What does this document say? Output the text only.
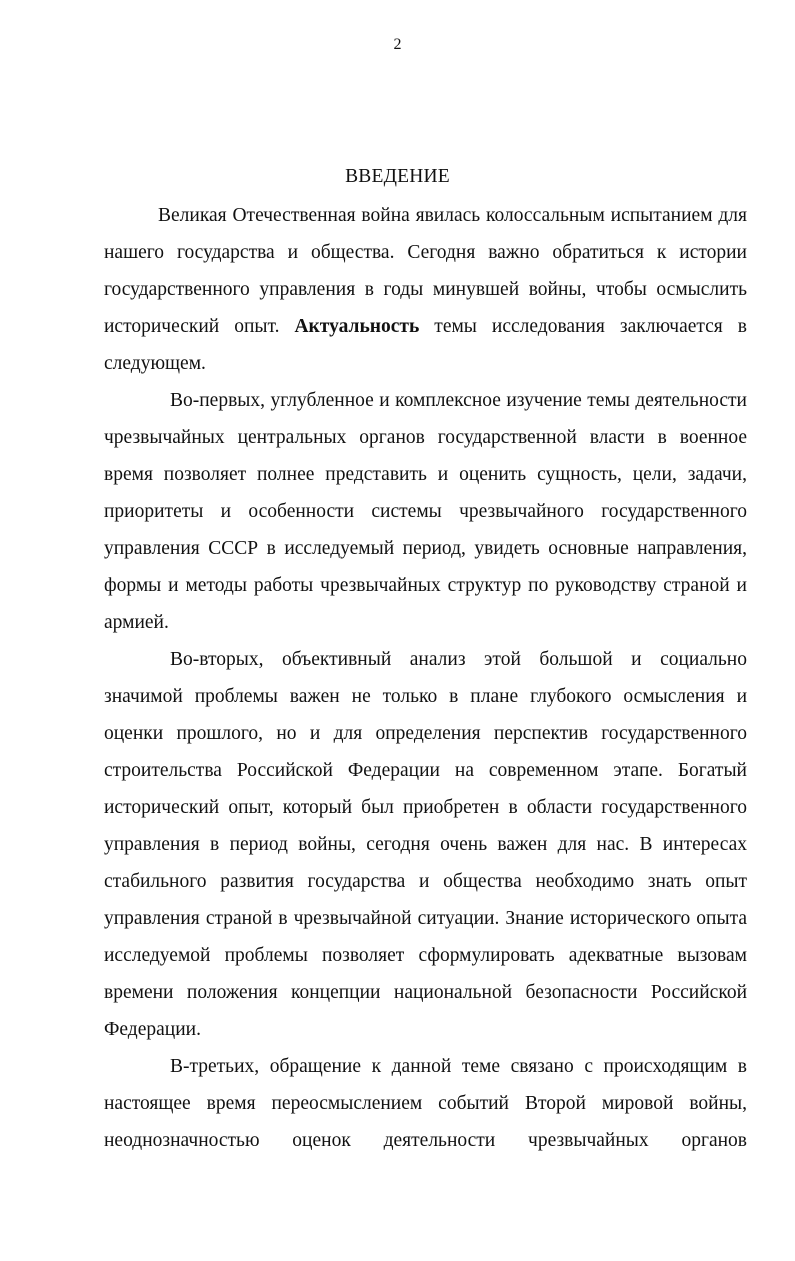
2
ВВЕДЕНИЕ
Великая Отечественная война явилась колоссальным испытанием для
нашего государства и общества. Сегодня важно обратиться к истории
государственного управления в годы минувшей войны, чтобы осмыслить
исторический опыт. Актуальность темы исследования заключается в
следующем.
Во-первых, углубленное и комплексное изучение темы деятельности
чрезвычайных центральных органов государственной власти в военное
время позволяет полнее представить и оценить сущность, цели, задачи,
приоритеты и особенности системы чрезвычайного государственного
управления СССР в исследуемый период, увидеть основные направления,
формы и методы работы чрезвычайных структур по руководству страной и
армией.
Во-вторых, объективный анализ этой большой и социально
значимой проблемы важен не только в плане глубокого осмысления и
оценки прошлого, но и для определения перспектив государственного
строительства Российской Федерации на современном этапе. Богатый
исторический опыт, который был приобретен в области государственного
управления в период войны, сегодня очень важен для нас. В интересах
стабильного развития государства и общества необходимо знать опыт
управления страной в чрезвычайной ситуации. Знание исторического опыта
исследуемой проблемы позволяет сформулировать адекватные вызовам
времени положения концепции национальной безопасности Российской
Федерации.
В-третьих, обращение к данной теме связано с происходящим в
настоящее время переосмыслением событий Второй мировой войны,
неоднозначностью оценок деятельности чрезвычайных органов
